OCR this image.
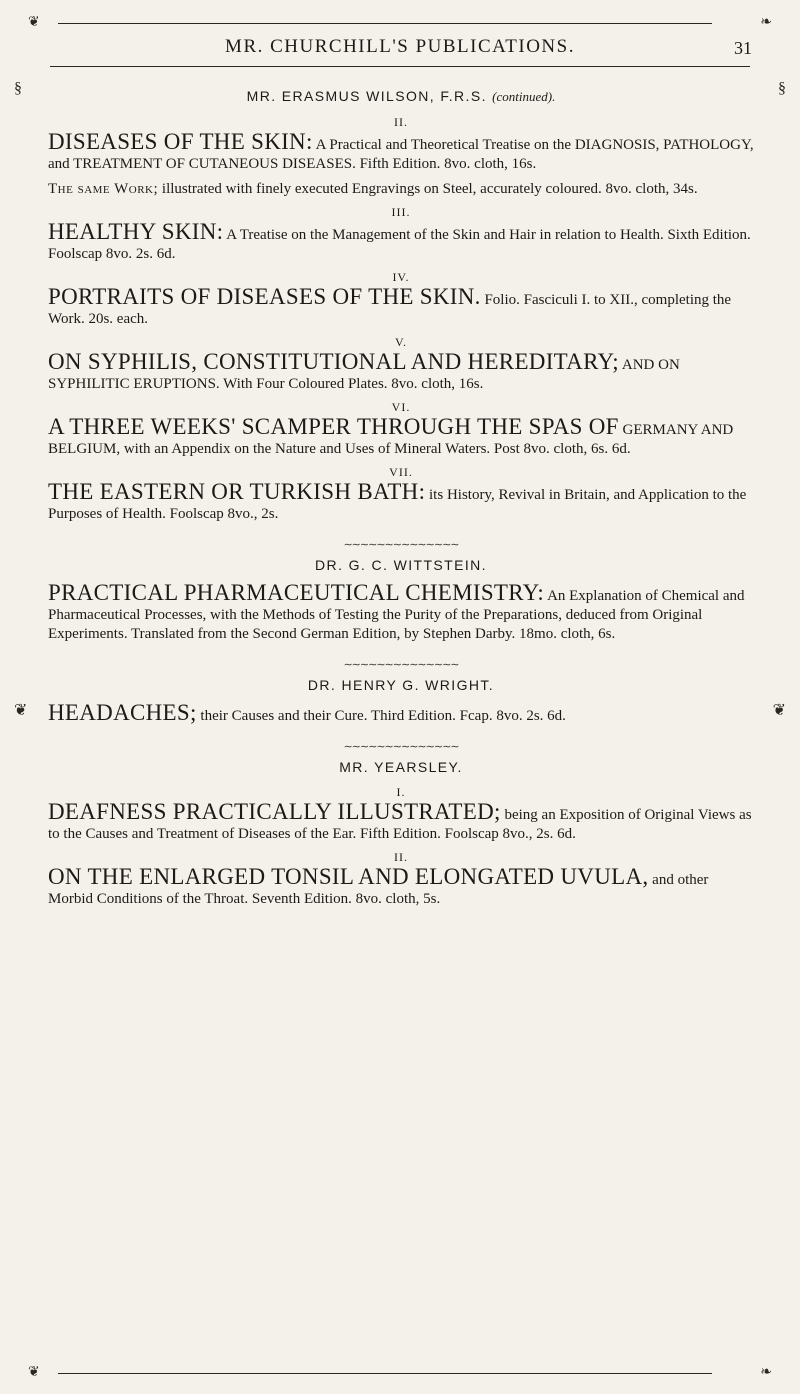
❦	❧
MR. CHURCHILL'S PUBLICATIONS.	31
§	§
❦
❦
MR. ERASMUS WILSON, F.R.S. (continued).
II.
DISEASES OF THE SKIN: A Practical and Theoretical Treatise on the DIAGNOSIS, PATHOLOGY, and TREATMENT OF CUTANEOUS DISEASES. Fifth Edition. 8vo. cloth, 16s.
The same Work; illustrated with finely executed Engravings on Steel, accurately coloured. 8vo. cloth, 34s.
III.
HEALTHY SKIN: A Treatise on the Management of the Skin and Hair in relation to Health. Sixth Edition. Foolscap 8vo. 2s. 6d.
IV.
PORTRAITS OF DISEASES OF THE SKIN. Folio. Fasciculi I. to XII., completing the Work. 20s. each.
V.
ON SYPHILIS, CONSTITUTIONAL AND HEREDITARY; AND ON SYPHILITIC ERUPTIONS. With Four Coloured Plates. 8vo. cloth, 16s.
VI.
A THREE WEEKS' SCAMPER THROUGH THE SPAS OF GERMANY AND BELGIUM, with an Appendix on the Nature and Uses of Mineral Waters. Post 8vo. cloth, 6s. 6d.
VII.
THE EASTERN OR TURKISH BATH: its History, Revival in Britain, and Application to the Purposes of Health. Foolscap 8vo., 2s.
∼∼∼∼∼∼∼∼∼∼∼∼∼∼
DR. G. C. WITTSTEIN.
PRACTICAL PHARMACEUTICAL CHEMISTRY: An Explanation of Chemical and Pharmaceutical Processes, with the Methods of Testing the Purity of the Preparations, deduced from Original Experiments. Translated from the Second German Edition, by Stephen Darby. 18mo. cloth, 6s.
∼∼∼∼∼∼∼∼∼∼∼∼∼∼
DR. HENRY G. WRIGHT.
HEADACHES; their Causes and their Cure. Third Edition. Fcap. 8vo. 2s. 6d.
∼∼∼∼∼∼∼∼∼∼∼∼∼∼
MR. YEARSLEY.
I.
DEAFNESS PRACTICALLY ILLUSTRATED; being an Exposition of Original Views as to the Causes and Treatment of Diseases of the Ear. Fifth Edition. Foolscap 8vo., 2s. 6d.
II.
ON THE ENLARGED TONSIL AND ELONGATED UVULA, and other Morbid Conditions of the Throat. Seventh Edition. 8vo. cloth, 5s.
❦	❧
